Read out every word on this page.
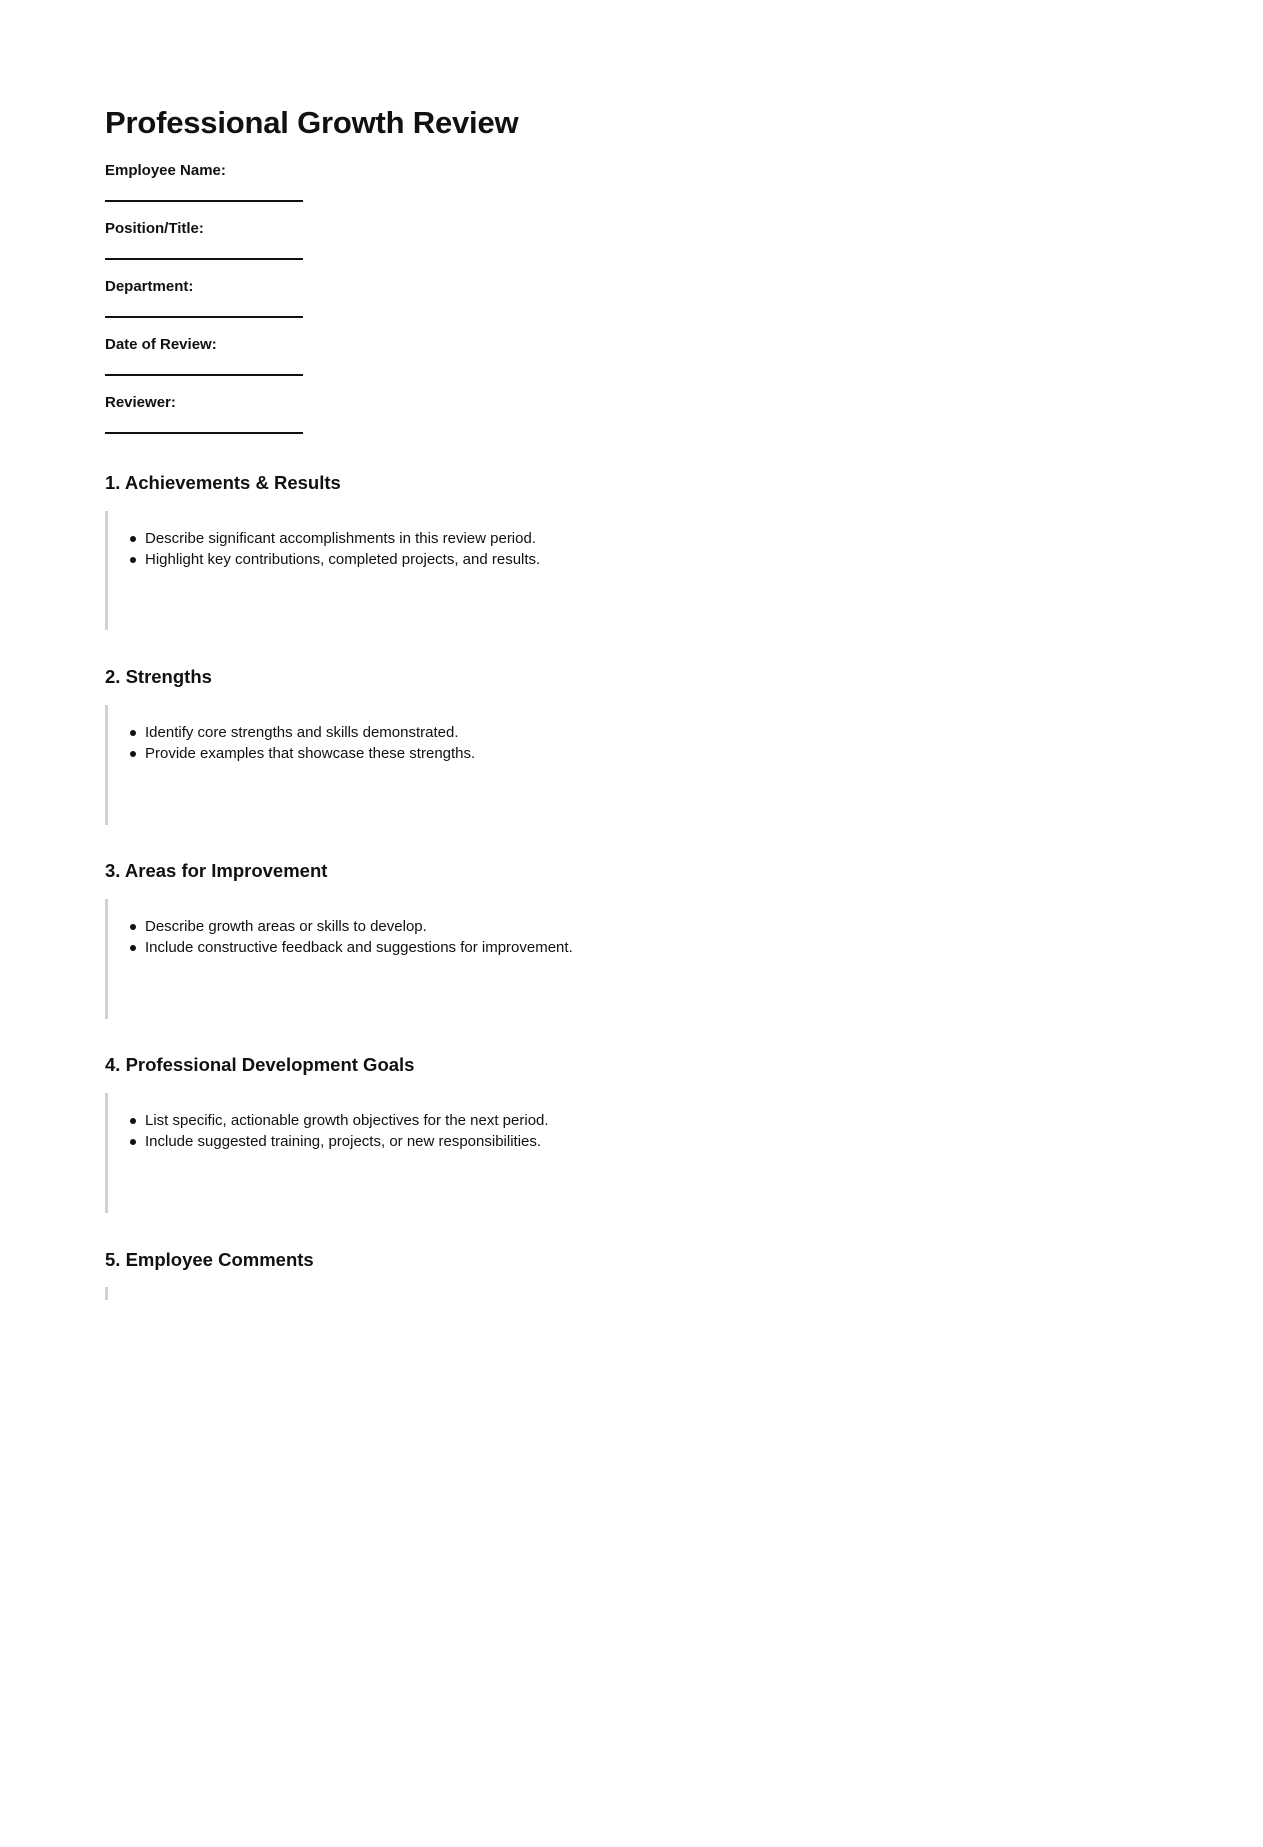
Professional Growth Review
Employee Name:
Position/Title:
Department:
Date of Review:
Reviewer:
1. Achievements & Results
Describe significant accomplishments in this review period.
Highlight key contributions, completed projects, and results.
2. Strengths
Identify core strengths and skills demonstrated.
Provide examples that showcase these strengths.
3. Areas for Improvement
Describe growth areas or skills to develop.
Include constructive feedback and suggestions for improvement.
4. Professional Development Goals
List specific, actionable growth objectives for the next period.
Include suggested training, projects, or new responsibilities.
5. Employee Comments
